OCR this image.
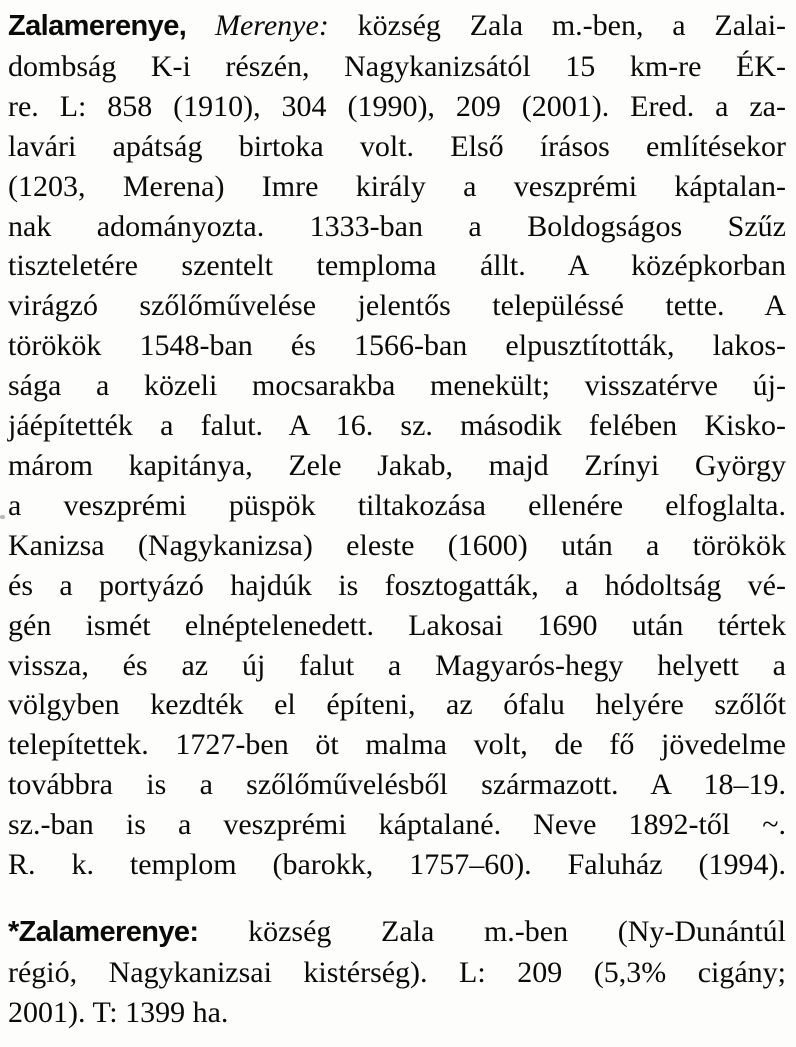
Zalamerenye, Merenye: község Zala m.-ben, a Zalai-
dombság K-i részén, Nagykanizsától 15 km-re ÉK-
re. L: 858 (1910), 304 (1990), 209 (2001). Ered. a za-
lavári apátság birtoka volt. Első írásos említésekor
(1203, Merena) Imre király a veszprémi káptalan-
nak adományozta. 1333-ban a Boldogságos Szűz
tiszteletére szentelt temploma állt. A középkorban
virágzó szőlőművelése jelentős településsé tette. A
törökök 1548-ban és 1566-ban elpusztították, lakos-
sága a közeli mocsarakba menekült; visszatérve új-
jáépítették a falut. A 16. sz. második felében Kisko-
márom kapitánya, Zele Jakab, majd Zrínyi György
a veszprémi püspök tiltakozása ellenére elfoglalta.
Kanizsa (Nagykanizsa) eleste (1600) után a törökök
és a portyázó hajdúk is fosztogatták, a hódoltság vé-
gén ismét elnéptelenedett. Lakosai 1690 után tértek
vissza, és az új falut a Magyarós-hegy helyett a
völgyben kezdték el építeni, az ófalu helyére szőlőt
telepítettek. 1727-ben öt malma volt, de fő jövedelme
továbbra is a szőlőművelésből származott. A 18–19.
sz.-ban is a veszprémi káptalané. Neve 1892-től ~.
R. k. templom (barokk, 1757–60). Faluház (1994).
*Zalamerenye: község Zala m.-ben (Ny-Dunántúl
régió, Nagykanizsai kistérség). L: 209 (5,3% cigány;
2001). T: 1399 ha.
